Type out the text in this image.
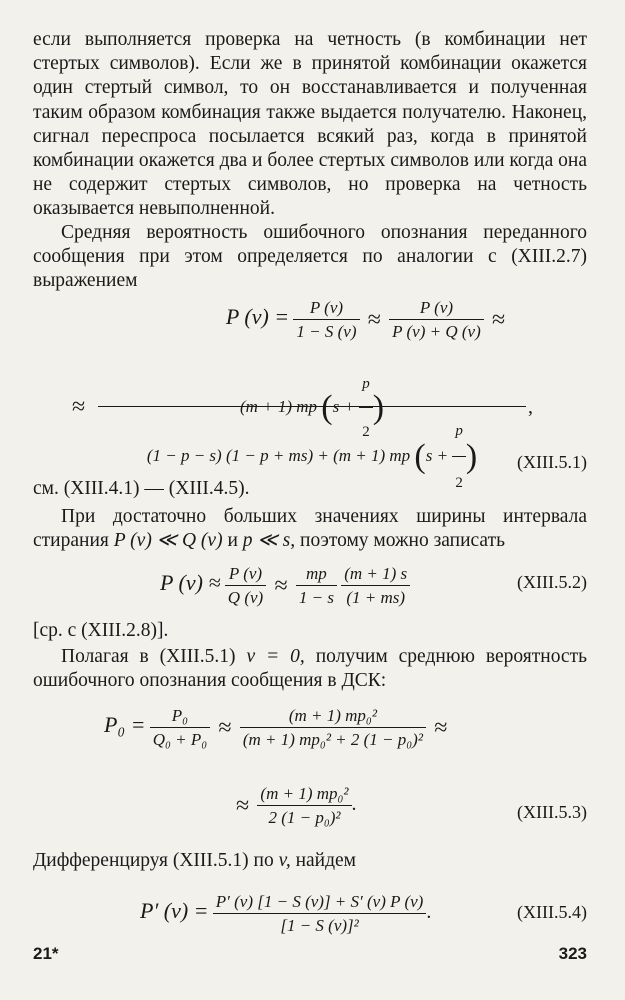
если выполняется проверка на четность (в комбинации нет стертых символов). Если же в принятой комбинации окажется один стертый символ, то он восстанавливается и полученная таким образом комбинация также выдается получателю. Наконец, сигнал переспроса посылается всякий раз, когда в принятой комбинации окажется два и более стертых символов или когда она не содержит стертых символов, но проверка на четность оказывается невыполненной.

Средняя вероятность ошибочного опознания переданного сообщения при этом определяется по аналогии с (XIII.2.7) выражением

P $(v) = \frac{P (v)}{1 - S (v)} \approx \frac{P (v)}{P (v) + Q (v)}$ ≈
≈	(m + 1) mp ($s + \frac{p}{2}$ )
(1 − p − s) (1 − p + ms) + (m + 1) mp ($s + \frac{p}{2}$ )
,
(XIII.5.1)
см. (XIII.4.1) — (XIII.4.5).

При достаточно больших значениях ширины интервала стирания P (v) ≪ Q (v) и p ≪ s, поэтому можно записать

P $(v) \approx \frac{P (v)}{Q (v)} \approx \frac{mp}{1 - s}$
$\frac{(m + 1) s}{(1 + ms)}$	(XIII.5.2)
[ср. с (XIII.2.8)].

Полагая в (XIII.5.1) v = 0, получим среднюю вероятность ошибочного опознания сообщения в ДСК:

$P_0 = \frac{\text{P₀}}{\text{Q₀ + P₀}} \approx \frac{\text{(m + 1) mp₀²}}{\text{(m + 1) mp₀² + 2 (1 − p₀)²}}$ ≈
≈ $\frac{\text{(m + 1) mp₀²}}{\text{2 (1 − p₀)²}}$ .	(XIII.5.3)
Дифференцируя (XIII.5.1) по v, найдем
P′ $(v) = \frac{P' (v) [1 - S (v)] + S' (v) P (v)}{\text{[1 − S (v)]²}}$ .	(XIII.5.4)
21*	323
